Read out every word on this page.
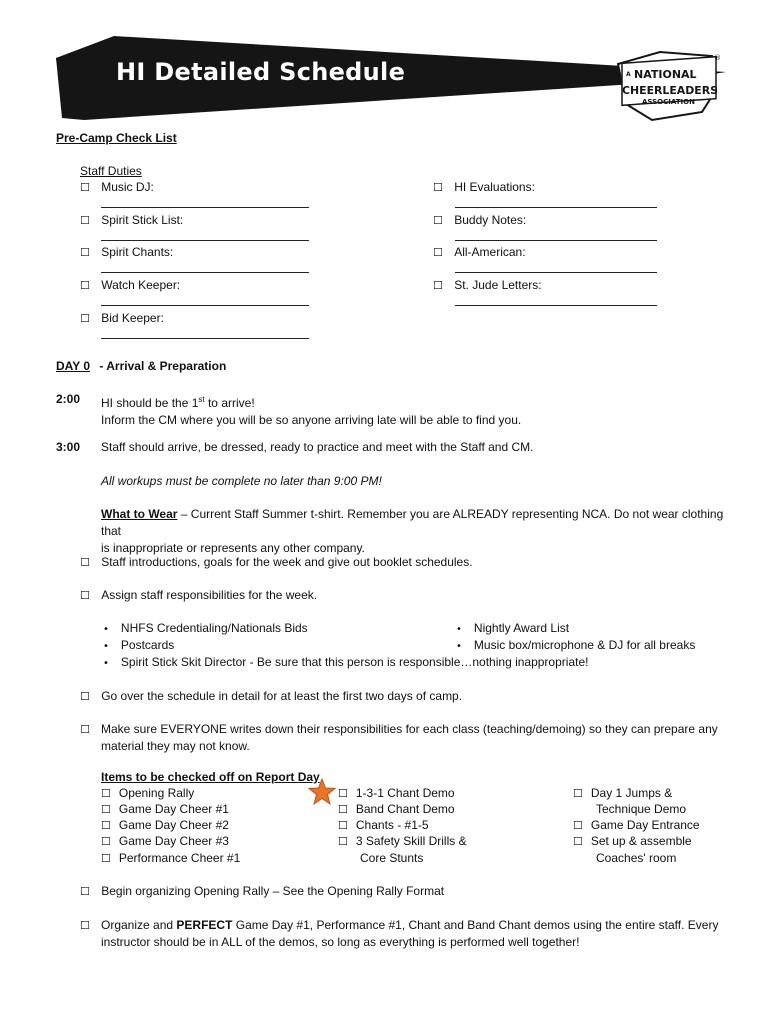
HI Detailed Schedule	A NATIONAL
CHEERLEADERS
ASSOCIATION
®
Pre-Camp Check List
Staff Duties
☐ Music DJ:
☐ Spirit Stick List:
☐ Spirit Chants:
☐ Watch Keeper:
☐ Bid Keeper:
☐ HI Evaluations:
☐ Buddy Notes:
☐ All-American:
☐ St. Jude Letters:
DAY 0 - Arrival & Preparation
2:00 HI should be the 1st to arrive!
Inform the CM where you will be so anyone arriving late will be able to find you.
3:00 Staff should arrive, be dressed, ready to practice and meet with the Staff and CM.
All workups must be complete no later than 9:00 PM!
What to Wear – Current Staff Summer t-shirt. Remember you are ALREADY representing NCA. Do not wear clothing that
is inappropriate or represents any other company.
☐ Staff introductions, goals for the week and give out booklet schedules.
☐ Assign staff responsibilities for the week.
• NHFS Credentialing/Nationals Bids
• Postcards
• Spirit Stick Skit Director - Be sure that this person is responsible…nothing inappropriate!
• Nightly Award List
• Music box/microphone & DJ for all breaks
☐ Go over the schedule in detail for at least the first two days of camp.
☐ Make sure EVERYONE writes down their responsibilities for each class (teaching/demoing) so they can prepare any
material they may not know.
Items to be checked off on Report Day
☐ Opening Rally
☐ Game Day Cheer #1
☐ Game Day Cheer #2
☐ Game Day Cheer #3
☐ Performance Cheer #1
☐ 1-3-1 Chant Demo
☐ Band Chant Demo
☐ Chants - #1-5
☐ 3 Safety Skill Drills &
Core Stunts
☐ Day 1 Jumps &
Technique Demo
☐ Game Day Entrance
☐ Set up & assemble
Coaches' room
☐ Begin organizing Opening Rally – See the Opening Rally Format
☐ Organize and PERFECT Game Day #1, Performance #1, Chant and Band Chant demos using the entire staff. Every
instructor should be in ALL of the demos, so long as everything is performed well together!
